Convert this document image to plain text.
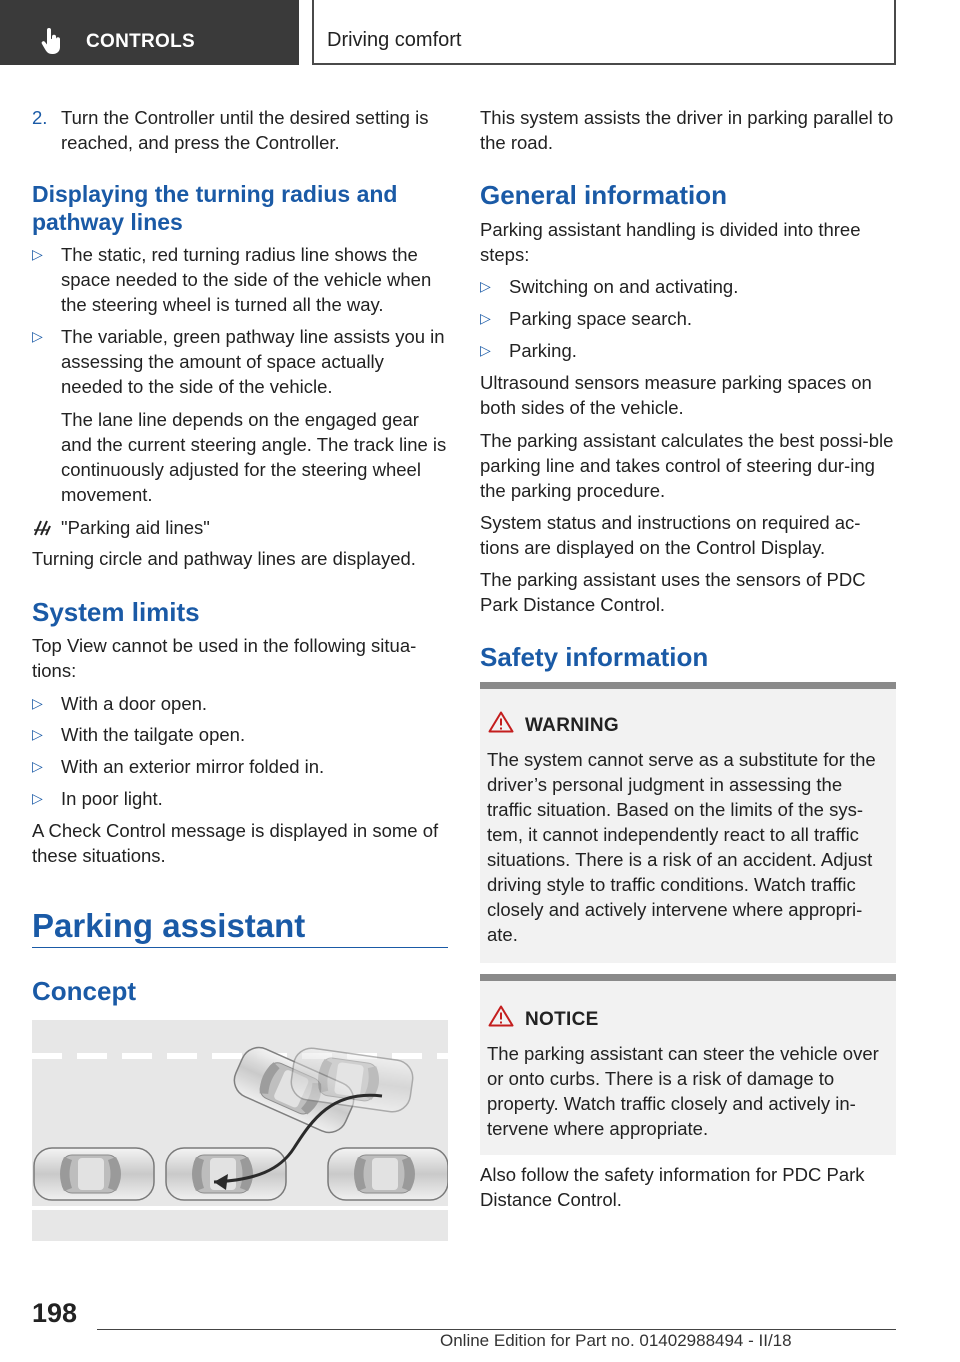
CONTROLS	Driving comfort
2. Turn the Controller until the desired setting is reached, and press the Controller.
Displaying the turning radius and pathway lines
▷ The static, red turning radius line shows the space needed to the side of the vehicle when the steering wheel is turned all the way.
▷ The variable, green pathway line assists you in assessing the amount of space actually needed to the side of the vehicle.
The lane line depends on the engaged gear and the current steering angle. The track line is continuously adjusted for the steering wheel movement.
"Parking aid lines"
Turning circle and pathway lines are displayed.
System limits
Top View cannot be used in the following situa‐tions:
▷ With a door open.
▷ With the tailgate open.
▷ With an exterior mirror folded in.
▷ In poor light.
A Check Control message is displayed in some of these situations.
Parking assistant
Concept
This system assists the driver in parking parallel to the road.
General information
Parking assistant handling is divided into three steps:
▷ Switching on and activating.
▷ Parking space search.
▷ Parking.
Ultrasound sensors measure parking spaces on both sides of the vehicle.
The parking assistant calculates the best possi‐ble parking line and takes control of steering dur‐ing the parking procedure.
System status and instructions on required ac‐tions are displayed on the Control Display.
The parking assistant uses the sensors of PDC Park Distance Control.
Safety information
Also follow the safety information for PDC Park Distance Control.
WARNING
The system cannot serve as a substitute for the driver’s personal judgment in assessing the traffic situation. Based on the limits of the sys‐tem, it cannot independently react to all traffic situations. There is a risk of an accident. Adjust driving style to traffic conditions. Watch traffic closely and actively intervene where appropri‐ate.
NOTICE
The parking assistant can steer the vehicle over or onto curbs. There is a risk of damage to property. Watch traffic closely and actively in‐tervene where appropriate.
198
Online Edition for Part no. 01402988494 - II/18
